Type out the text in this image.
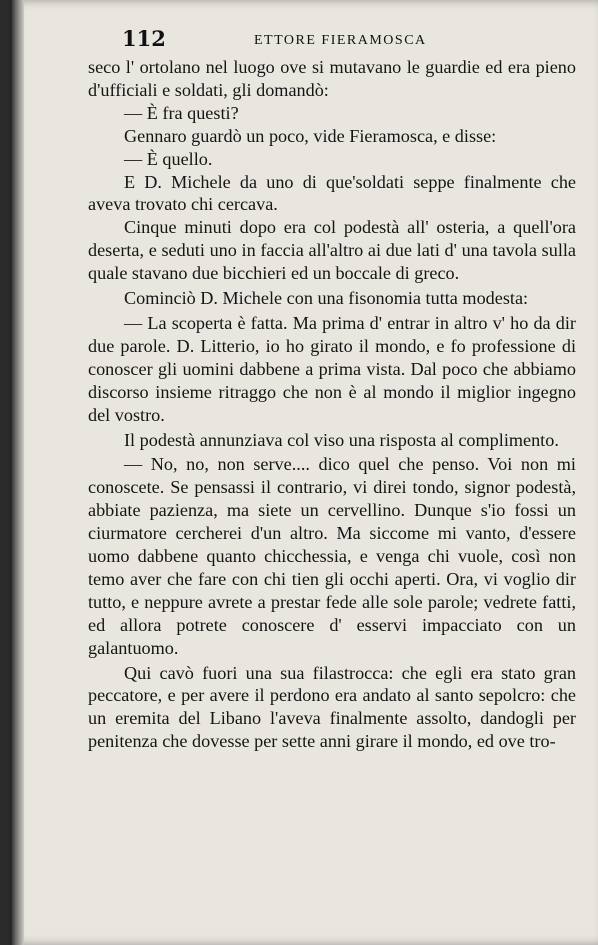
112	ETTORE FIERAMOSCA

seco l' ortolano nel luogo ove si mutavano le guardie ed era pieno d'ufficiali e soldati, gli domandò:

— È fra questi?

Gennaro guardò un poco, vide Fieramosca, e disse:

— È quello.

E D. Michele da uno di que'soldati seppe finalmente che aveva trovato chi cercava.

Cinque minuti dopo era col podestà all' osteria, a quell'ora deserta, e seduti uno in faccia all'altro ai due lati d' una tavola sulla quale stavano due bicchieri ed un boccale di greco.

Cominciò D. Michele con una fisonomia tutta modesta:

— La scoperta è fatta. Ma prima d' entrar in altro v' ho da dir due parole. D. Litterio, io ho girato il mondo, e fo professione di conoscer gli uomini dabbene a prima vista. Dal poco che abbiamo discorso insieme ritraggo che non è al mondo il miglior ingegno del vostro.

Il podestà annunziava col viso una risposta al complimento.

— No, no, non serve.... dico quel che penso. Voi non mi conoscete. Se pensassi il contrario, vi direi tondo, signor podestà, abbiate pazienza, ma siete un cervellino. Dunque s'io fossi un ciurmatore cercherei d'un altro. Ma siccome mi vanto, d'essere uomo dabbene quanto chicchessia, e venga chi vuole, così non temo aver che fare con chi tien gli occhi aperti. Ora, vi voglio dir tutto, e neppure avrete a prestar fede alle sole parole; vedrete fatti, ed allora potrete conoscere d' esservi impacciato con un galantuomo.

Qui cavò fuori una sua filastrocca: che egli era stato gran peccatore, e per avere il perdono era andato al santo sepolcro: che un eremita del Libano l'aveva finalmente assolto, dandogli per penitenza che dovesse per sette anni girare il mondo, ed ove tro-
